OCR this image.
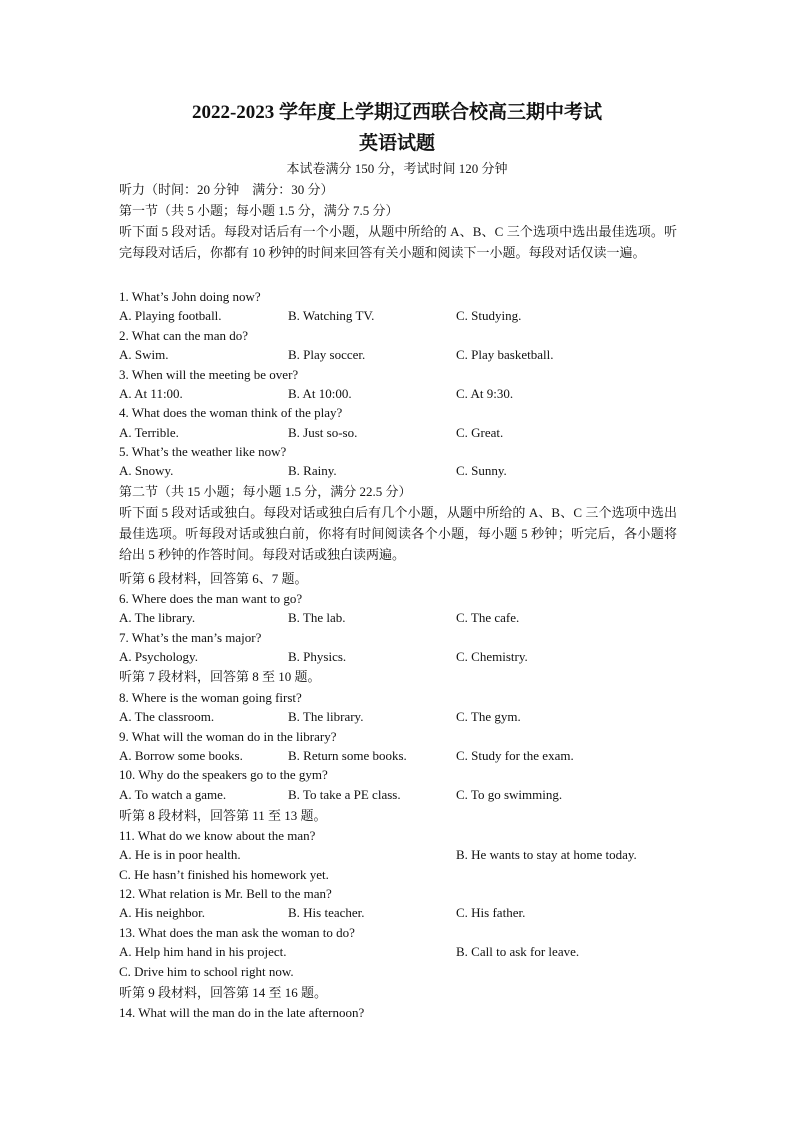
2022-2023 学年度上学期辽西联合校高三期中考试
英语试题
本试卷满分 150 分，考试时间 120 分钟
听力（时间：20 分钟　满分：30 分）
第一节（共 5 小题；每小题 1.5 分，满分 7.5 分）
听下面 5 段对话。每段对话后有一个小题，从题中所给的 A、B、C 三个选项中选出最佳选项。听完每段对话后，你都有 10 秒钟的时间来回答有关小题和阅读下一小题。每段对话仅读一遍。
1. What’s John doing now?
A. Playing football.	B. Watching TV.	C. Studying.
2. What can the man do?
A. Swim.	B. Play soccer.	C. Play basketball.
3. When will the meeting be over?
A. At 11:00.	B. At 10:00.	C. At 9:30.
4. What does the woman think of the play?
A. Terrible.	B. Just so-so.	C. Great.
5. What’s the weather like now?
A. Snowy.	B. Rainy.	C. Sunny.
第二节（共 15 小题；每小题 1.5 分，满分 22.5 分）
听下面 5 段对话或独白。每段对话或独白后有几个小题，从题中所给的 A、B、C 三个选项中选出最佳选项。听每段对话或独白前，你将有时间阅读各个小题，每小题 5 秒钟；听完后，各小题将给出 5 秒钟的作答时间。每段对话或独白读两遍。
听第 6 段材料，回答第 6、7 题。
6. Where does the man want to go?
A. The library.	B. The lab.	C. The cafe.
7. What’s the man’s major?
A. Psychology.	B. Physics.	C. Chemistry.
听第 7 段材料，回答第 8 至 10 题。
8. Where is the woman going first?
A. The classroom.	B. The library.	C. The gym.
9. What will the woman do in the library?
A. Borrow some books.	B. Return some books.	C. Study for the exam.
10. Why do the speakers go to the gym?
A. To watch a game.	B. To take a PE class.	C. To go swimming.
听第 8 段材料，回答第 11 至 13 题。
11. What do we know about the man?
A. He is in poor health.	B. He wants to stay at home today.
C. He hasn’t finished his homework yet.
12. What relation is Mr. Bell to the man?
A. His neighbor.	B. His teacher.	C. His father.
13. What does the man ask the woman to do?
A. Help him hand in his project.	B. Call to ask for leave.
C. Drive him to school right now.
听第 9 段材料，回答第 14 至 16 题。
14. What will the man do in the late afternoon?
